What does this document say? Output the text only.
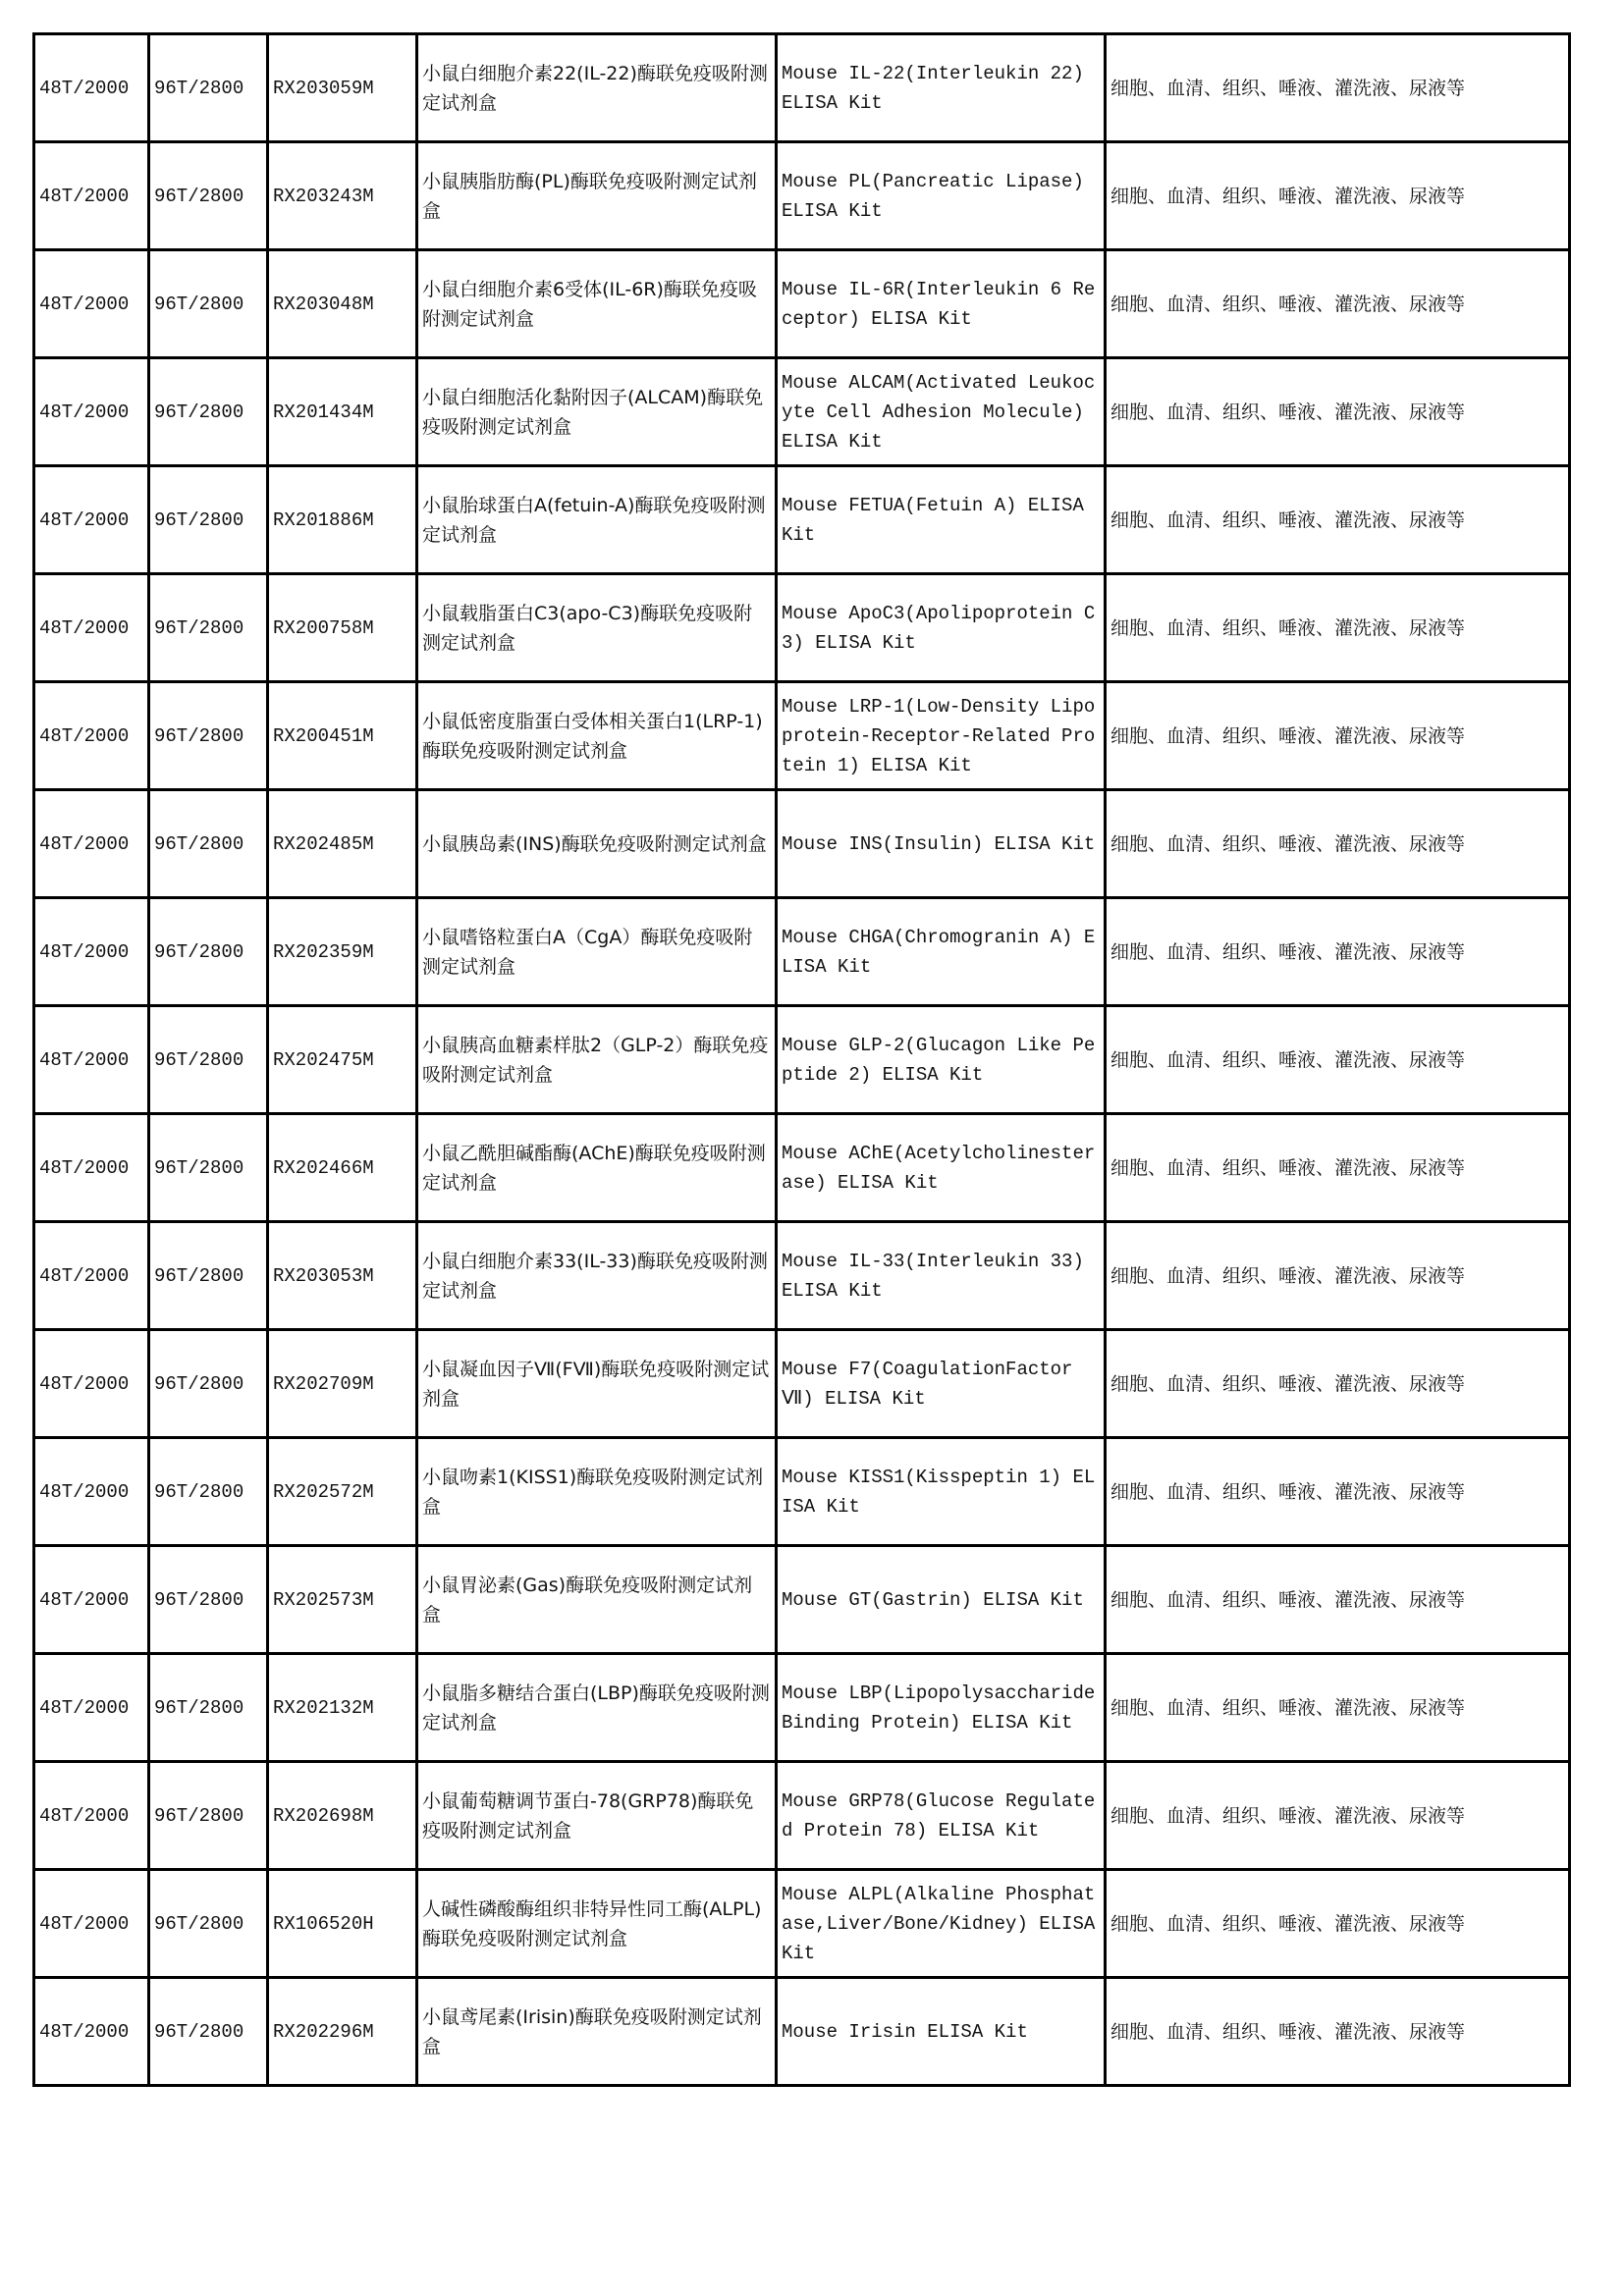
48T/2000	96T/2800	RX203059M	小鼠白细胞介素22(IL-22)酶联免疫吸附测定试剂盒	Mouse IL-22(Interleukin 22) ELISA Kit	细胞、血清、组织、唾液、灌洗液、尿液等
48T/2000	96T/2800	RX203243M	小鼠胰脂肪酶(PL)酶联免疫吸附测定试剂盒	Mouse PL(Pancreatic Lipase) ELISA Kit	细胞、血清、组织、唾液、灌洗液、尿液等
48T/2000	96T/2800	RX203048M	小鼠白细胞介素6受体(IL-6R)酶联免疫吸附测定试剂盒	Mouse IL-6R(Interleukin 6 Receptor) ELISA Kit	细胞、血清、组织、唾液、灌洗液、尿液等
48T/2000	96T/2800	RX201434M	小鼠白细胞活化黏附因子(ALCAM)酶联免疫吸附测定试剂盒	Mouse ALCAM(Activated Leukocyte Cell Adhesion Molecule) ELISA Kit	细胞、血清、组织、唾液、灌洗液、尿液等
48T/2000	96T/2800	RX201886M	小鼠胎球蛋白A(fetuin-A)酶联免疫吸附测定试剂盒	Mouse FETUA(Fetuin A) ELISA Kit	细胞、血清、组织、唾液、灌洗液、尿液等
48T/2000	96T/2800	RX200758M	小鼠载脂蛋白C3(apo-C3)酶联免疫吸附测定试剂盒	Mouse ApoC3(Apolipoprotein C3) ELISA Kit	细胞、血清、组织、唾液、灌洗液、尿液等
48T/2000	96T/2800	RX200451M	小鼠低密度脂蛋白受体相关蛋白1(LRP-1)酶联免疫吸附测定试剂盒	Mouse LRP-1(Low-Density Lipoprotein-Receptor-Related Protein 1) ELISA Kit	细胞、血清、组织、唾液、灌洗液、尿液等
48T/2000	96T/2800	RX202485M	小鼠胰岛素(INS)酶联免疫吸附测定试剂盒	Mouse INS(Insulin) ELISA Kit	细胞、血清、组织、唾液、灌洗液、尿液等
48T/2000	96T/2800	RX202359M	小鼠嗜铬粒蛋白A（CgA）酶联免疫吸附测定试剂盒	Mouse CHGA(Chromogranin A) ELISA Kit	细胞、血清、组织、唾液、灌洗液、尿液等
48T/2000	96T/2800	RX202475M	小鼠胰高血糖素样肽2（GLP-2）酶联免疫吸附测定试剂盒	Mouse GLP-2(Glucagon Like Peptide 2) ELISA Kit	细胞、血清、组织、唾液、灌洗液、尿液等
48T/2000	96T/2800	RX202466M	小鼠乙酰胆碱酯酶(AChE)酶联免疫吸附测定试剂盒	Mouse AChE(Acetylcholinesterase) ELISA Kit	细胞、血清、组织、唾液、灌洗液、尿液等
48T/2000	96T/2800	RX203053M	小鼠白细胞介素33(IL-33)酶联免疫吸附测定试剂盒	Mouse IL-33(Interleukin 33) ELISA Kit	细胞、血清、组织、唾液、灌洗液、尿液等
48T/2000	96T/2800	RX202709M	小鼠凝血因子Ⅶ(FⅦ)酶联免疫吸附测定试剂盒	Mouse F7(CoagulationFactor Ⅶ) ELISA Kit	细胞、血清、组织、唾液、灌洗液、尿液等
48T/2000	96T/2800	RX202572M	小鼠吻素1(KISS1)酶联免疫吸附测定试剂盒	Mouse KISS1(Kisspeptin 1) ELISA Kit	细胞、血清、组织、唾液、灌洗液、尿液等
48T/2000	96T/2800	RX202573M	小鼠胃泌素(Gas)酶联免疫吸附测定试剂盒	Mouse GT(Gastrin) ELISA Kit	细胞、血清、组织、唾液、灌洗液、尿液等
48T/2000	96T/2800	RX202132M	小鼠脂多糖结合蛋白(LBP)酶联免疫吸附测定试剂盒	Mouse LBP(Lipopolysaccharide Binding Protein) ELISA Kit	细胞、血清、组织、唾液、灌洗液、尿液等
48T/2000	96T/2800	RX202698M	小鼠葡萄糖调节蛋白-78(GRP78)酶联免疫吸附测定试剂盒	Mouse GRP78(Glucose Regulated Protein 78) ELISA Kit	细胞、血清、组织、唾液、灌洗液、尿液等
48T/2000	96T/2800	RX106520H	人碱性磷酸酶组织非特异性同工酶(ALPL)酶联免疫吸附测定试剂盒	Mouse ALPL(Alkaline Phosphatase,Liver/Bone/Kidney) ELISA Kit	细胞、血清、组织、唾液、灌洗液、尿液等
48T/2000	96T/2800	RX202296M	小鼠鸢尾素(Irisin)酶联免疫吸附测定试剂盒	Mouse Irisin ELISA Kit	细胞、血清、组织、唾液、灌洗液、尿液等
